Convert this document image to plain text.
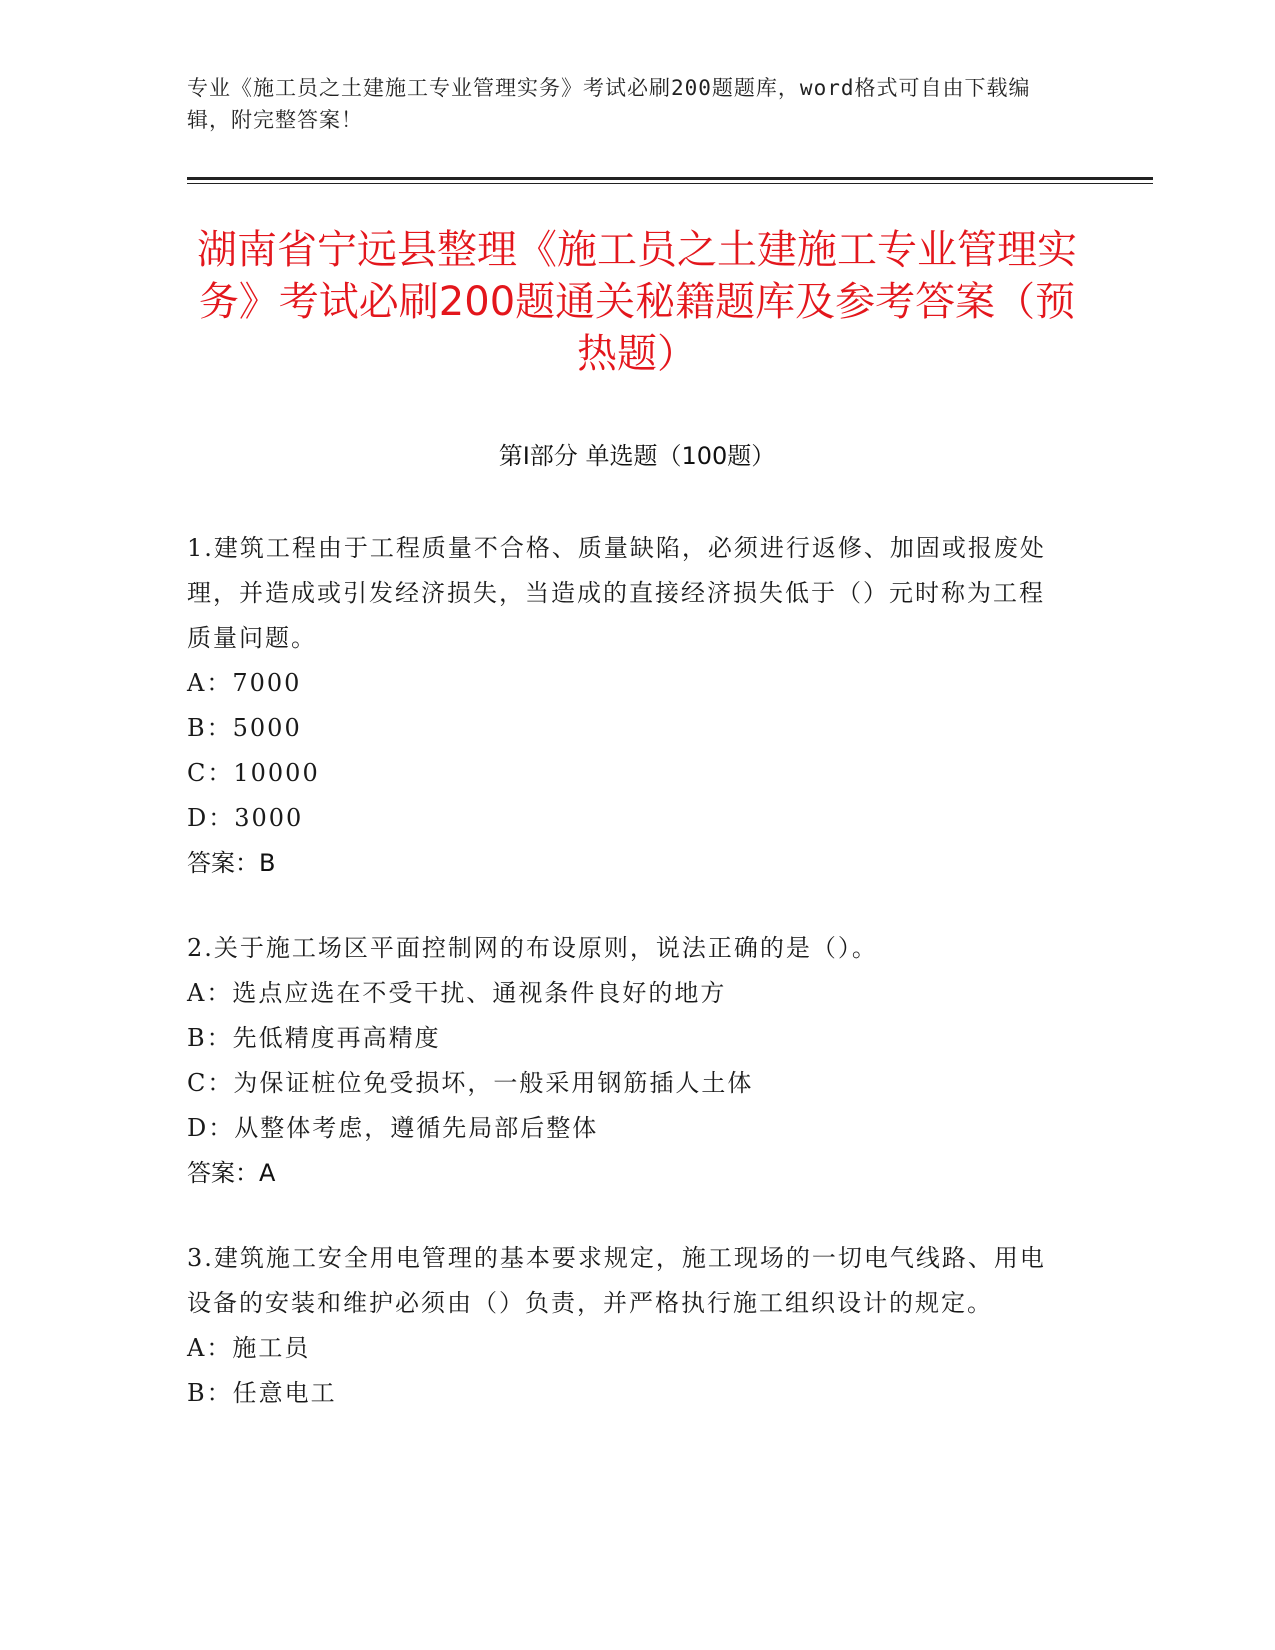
专业《施工员之土建施工专业管理实务》考试必刷200题题库，word格式可自由下载编辑，附完整答案！
湖南省宁远县整理《施工员之土建施工专业管理实务》考试必刷200题通关秘籍题库及参考答案（预热题）
第Ⅰ部分 单选题（100题）

1.建筑工程由于工程质量不合格、质量缺陷，必须进行返修、加固或报废处理，并造成或引发经济损失，当造成的直接经济损失低于（）元时称为工程质量问题。

A：7000

B：5000

C：10000

D：3000

答案：B

2.关于施工场区平面控制网的布设原则，说法正确的是（）。

A：选点应选在不受干扰、通视条件良好的地方

B：先低精度再高精度

C：为保证桩位免受损坏，一般采用钢筋插人土体

D：从整体考虑，遵循先局部后整体

答案：A

3.建筑施工安全用电管理的基本要求规定，施工现场的一切电气线路、用电设备的安装和维护必须由（）负责，并严格执行施工组织设计的规定。

A：施工员

B：任意电工
